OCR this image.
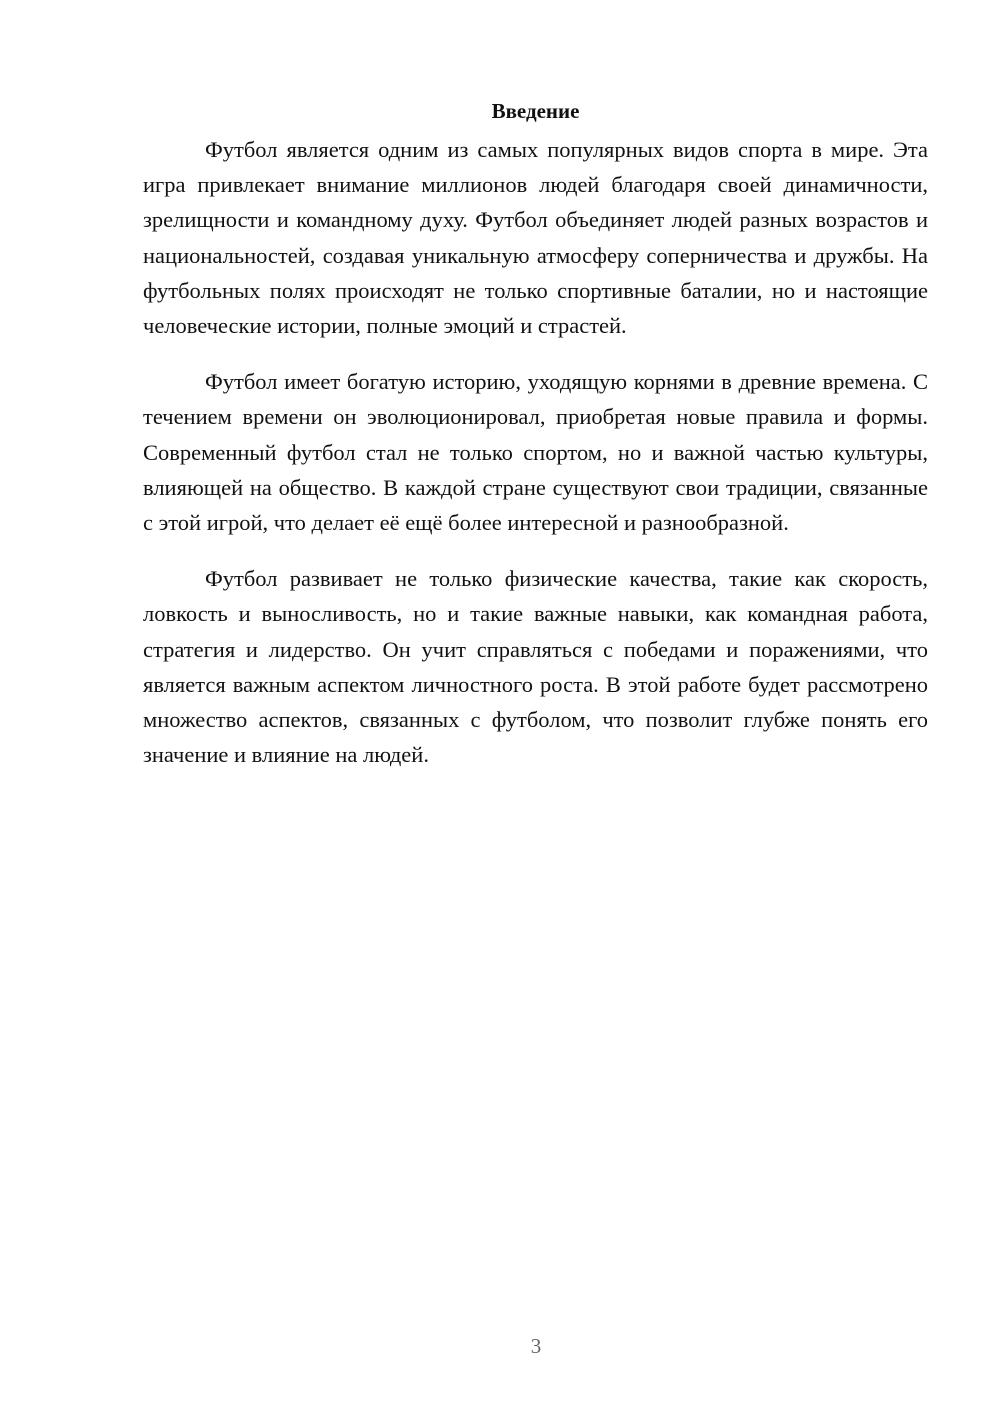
Введение

Футбол является одним из самых популярных видов спорта в мире. Эта игра привлекает внимание миллионов людей благодаря своей динамичности, зрелищности и командному духу. Футбол объединяет людей разных возрастов и национальностей, создавая уникальную атмосферу соперничества и дружбы. На футбольных полях происходят не только спортивные баталии, но и настоящие человеческие истории, полные эмоций и страстей.

Футбол имеет богатую историю, уходящую корнями в древние времена. С течением времени он эволюционировал, приобретая новые правила и формы. Современный футбол стал не только спортом, но и важной частью культуры, влияющей на общество. В каждой стране существуют свои традиции, связанные с этой игрой, что делает её ещё более интересной и разнообразной.

Футбол развивает не только физические качества, такие как скорость, ловкость и выносливость, но и такие важные навыки, как командная работа, стратегия и лидерство. Он учит справляться с победами и поражениями, что является важным аспектом личностного роста. В этой работе будет рассмотрено множество аспектов, связанных с футболом, что позволит глубже понять его значение и влияние на людей.

3
